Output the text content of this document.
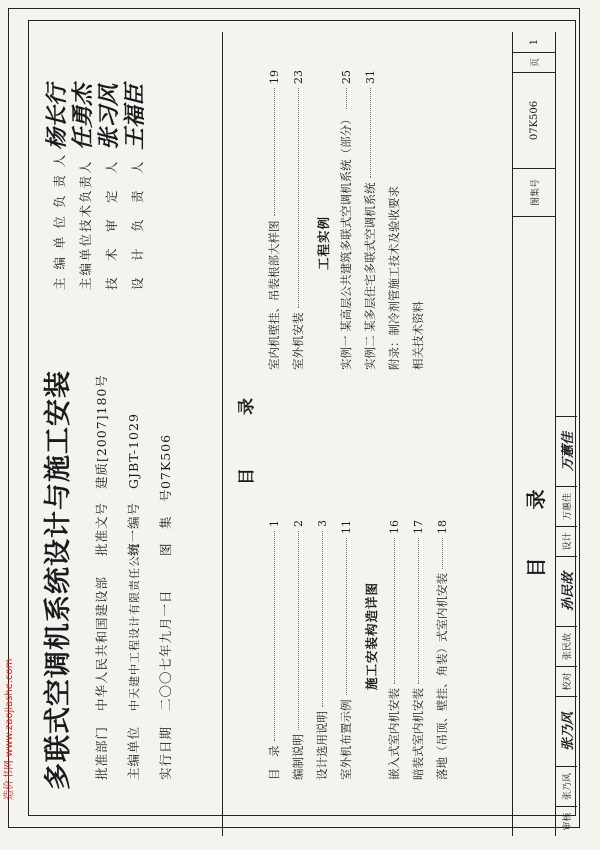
多联式空调机系统设计与施工安装 批准部门 中华人民共和国建设部 批准文号 建质[2007]180号
主编单位 中天建中工程设计有限责任公司 统一编号 GJBT-1029
实行日期 二〇〇七年九月一日 图　集　号 07K506
主 编 单 位 负 责 人
杨长行
主编单位技术负责人
任勇杰
技　术　审　定　人
张习风
设　计　负　责　人
王福臣
目　录
目　录
1
编制说明
2
设计选用说明
3
室外机布置示例
11
施工安装构造详图
嵌入式室内机安装
16
暗装式室内机安装
17
落地（吊顶、壁挂、角装）式室内机安装
18
室内机壁挂、吊装根部大样图
19
室外机安装
23
工程实例 实例一 某高层公共建筑多联式空调机系统（部分）
25
实例二 某多层住宅多联式空调机系统
31
附录：制冷剂管施工技术及验收要求 相关技术资料
目　录
图集号
07K506
页
1
审核
张乃风
张乃风
校对
张民故
孙民故
设计
万蕙佳
万蕙佳
造价书网 www.zaojiashe.com
